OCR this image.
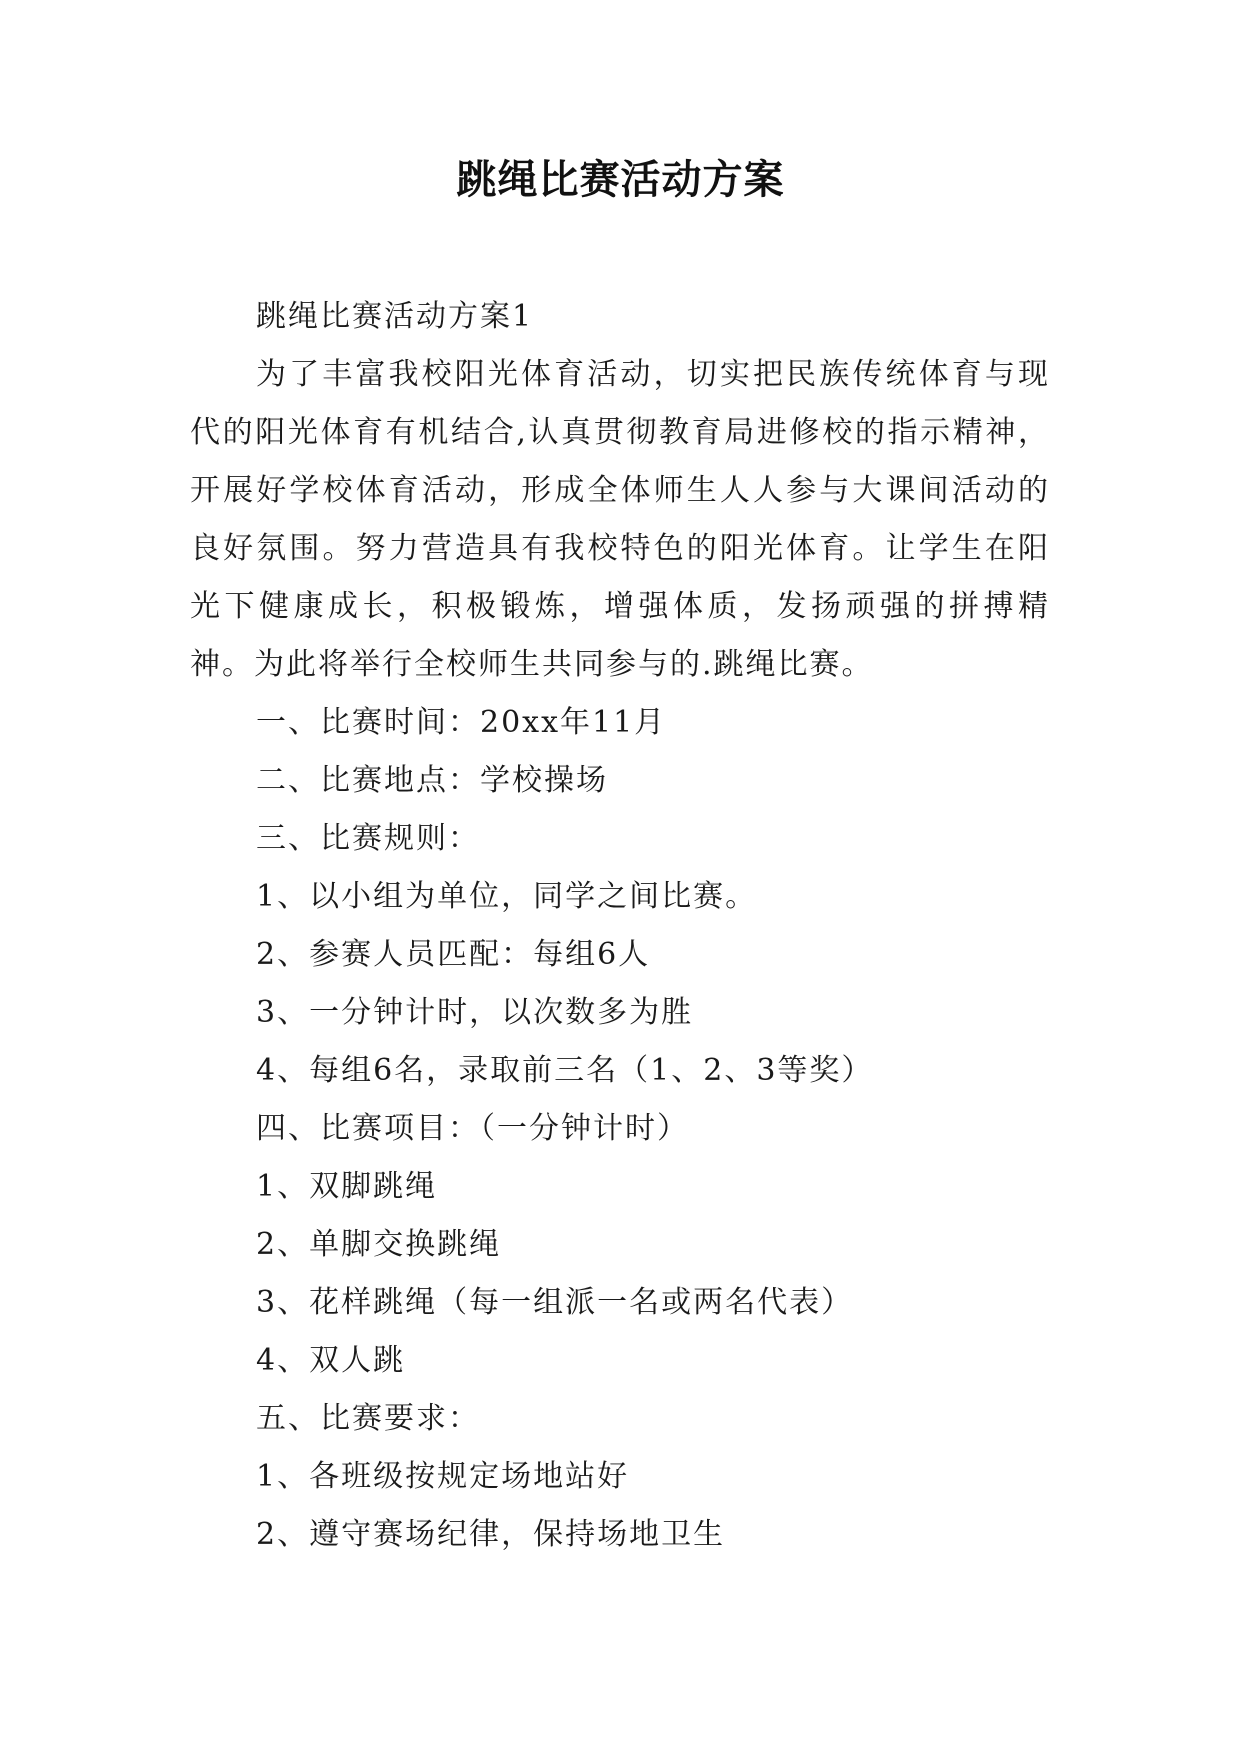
跳绳比赛活动方案

跳绳比赛活动方案1

为了丰富我校阳光体育活动，切实把民族传统体育与现代的阳光体育有机结合,认真贯彻教育局进修校的指示精神，开展好学校体育活动，形成全体师生人人参与大课间活动的良好氛围。努力营造具有我校特色的阳光体育。让学生在阳光下健康成长，积极锻炼，增强体质，发扬顽强的拼搏精神。为此将举行全校师生共同参与的.跳绳比赛。

一、比赛时间：20xx年11月

二、比赛地点：学校操场

三、比赛规则：

1、以小组为单位，同学之间比赛。

2、参赛人员匹配：每组6人

3、一分钟计时，以次数多为胜

4、每组6名，录取前三名（1、2、3等奖）

四、比赛项目：（一分钟计时）

1、双脚跳绳

2、单脚交换跳绳

3、花样跳绳（每一组派一名或两名代表）

4、双人跳

五、比赛要求：

1、各班级按规定场地站好

2、遵守赛场纪律，保持场地卫生
